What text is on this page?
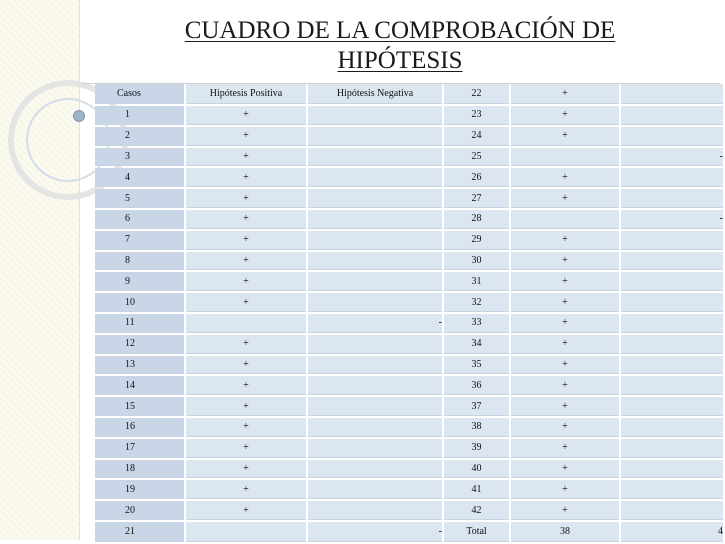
CUADRO DE LA COMPROBACIÓN DE HIPÓTESIS
Casos	Hipótesis Positiva	Hipótesis Negativa	22	+	
1	+		23	+	
2	+		24	+	
3	+		25		-
4	+		26	+	
5	+		27	+	
6	+		28		-
7	+		29	+	
8	+		30	+	
9	+		31	+	
10	+		32	+	
11		-	33	+	
12	+		34	+	
13	+		35	+	
14	+		36	+	
15	+		37	+	
16	+		38	+	
17	+		39	+	
18	+		40	+	
19	+		41	+	
20	+		42	+	
21		-	Total	38	4
